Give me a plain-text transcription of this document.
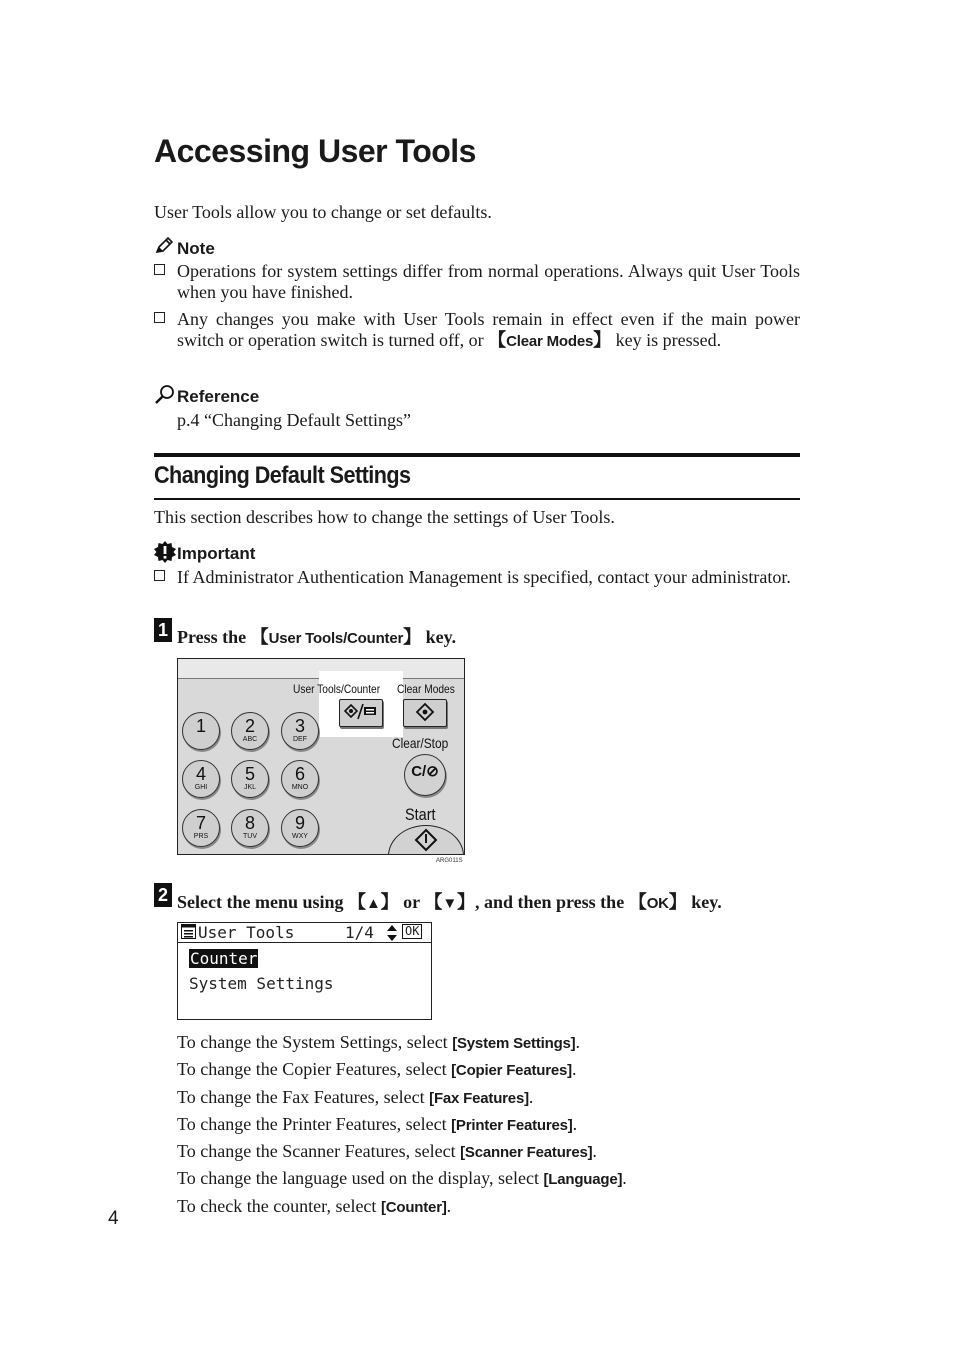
Accessing User Tools
User Tools allow you to change or set defaults.
Note
Operations for system settings differ from normal operations. Always quit User Tools when you have finished.
Any changes you make with User Tools remain in effect even if the main power switch or operation switch is turned off, or 【Clear Modes】 key is pressed.
Reference
p.4 “Changing Default Settings”
Changing Default Settings
This section describes how to change the settings of User Tools.
Important
If Administrator Authentication Management is specified, contact your administrator.
1 Press the 【User Tools/Counter】 key.
1	2
ABC
3
DEF
4
GHI
5
JKL
6
MNO
7
PRS
8
TUV
9
WXY
User Tools/Counter Clear Modes
Clear/Stop
C/⊘
Start
ARG011S
2 Select the menu using 【▲】 or 【▼】, and then press the 【OK】 key.
User Tools	1/4	OK
Counter
System Settings
To change the System Settings, select [System Settings].
To change the Copier Features, select [Copier Features].
To change the Fax Features, select [Fax Features].
To change the Printer Features, select [Printer Features].
To change the Scanner Features, select [Scanner Features].
To change the language used on the display, select [Language].
To check the counter, select [Counter].
4
